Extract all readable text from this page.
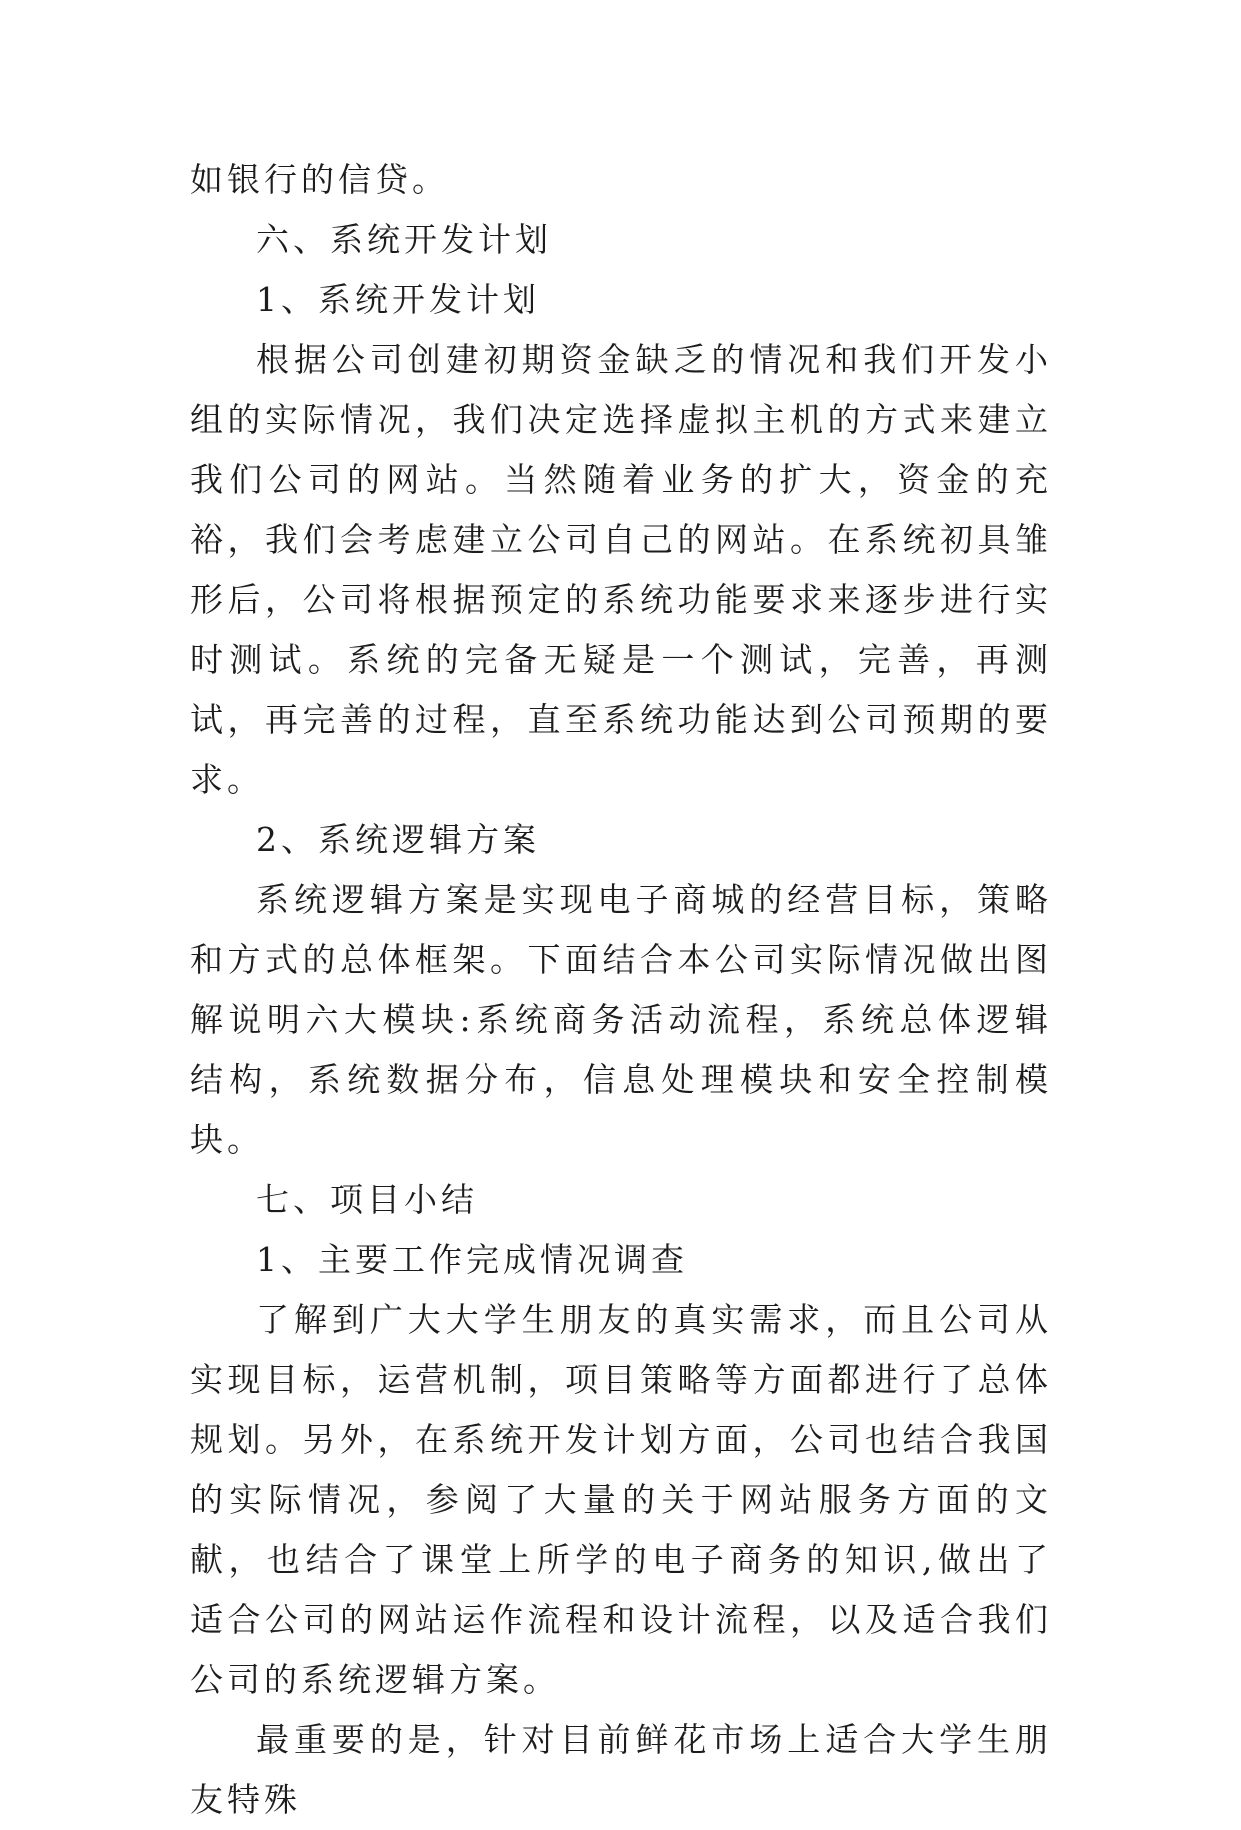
如银行的信贷。

六、系统开发计划

1、系统开发计划

根据公司创建初期资金缺乏的情况和我们开发小组的实际情况，我们决定选择虚拟主机的方式来建立我们公司的网站。当然随着业务的扩大，资金的充裕，我们会考虑建立公司自己的网站。在系统初具雏形后，公司将根据预定的系统功能要求来逐步进行实时测试。系统的完备无疑是一个测试，完善，再测试，再完善的过程，直至系统功能达到公司预期的要求。

2、系统逻辑方案

系统逻辑方案是实现电子商城的经营目标，策略和方式的总体框架。下面结合本公司实际情况做出图解说明六大模块:系统商务活动流程，系统总体逻辑结构，系统数据分布，信息处理模块和安全控制模块。

七、项目小结

1、主要工作完成情况调查

了解到广大大学生朋友的真实需求，而且公司从实现目标，运营机制，项目策略等方面都进行了总体规划。另外，在系统开发计划方面，公司也结合我国的实际情况，参阅了大量的关于网站服务方面的文献，也结合了课堂上所学的电子商务的知识,做出了适合公司的网站运作流程和设计流程，以及适合我们公司的系统逻辑方案。

最重要的是，针对目前鲜花市场上适合大学生朋友特殊
